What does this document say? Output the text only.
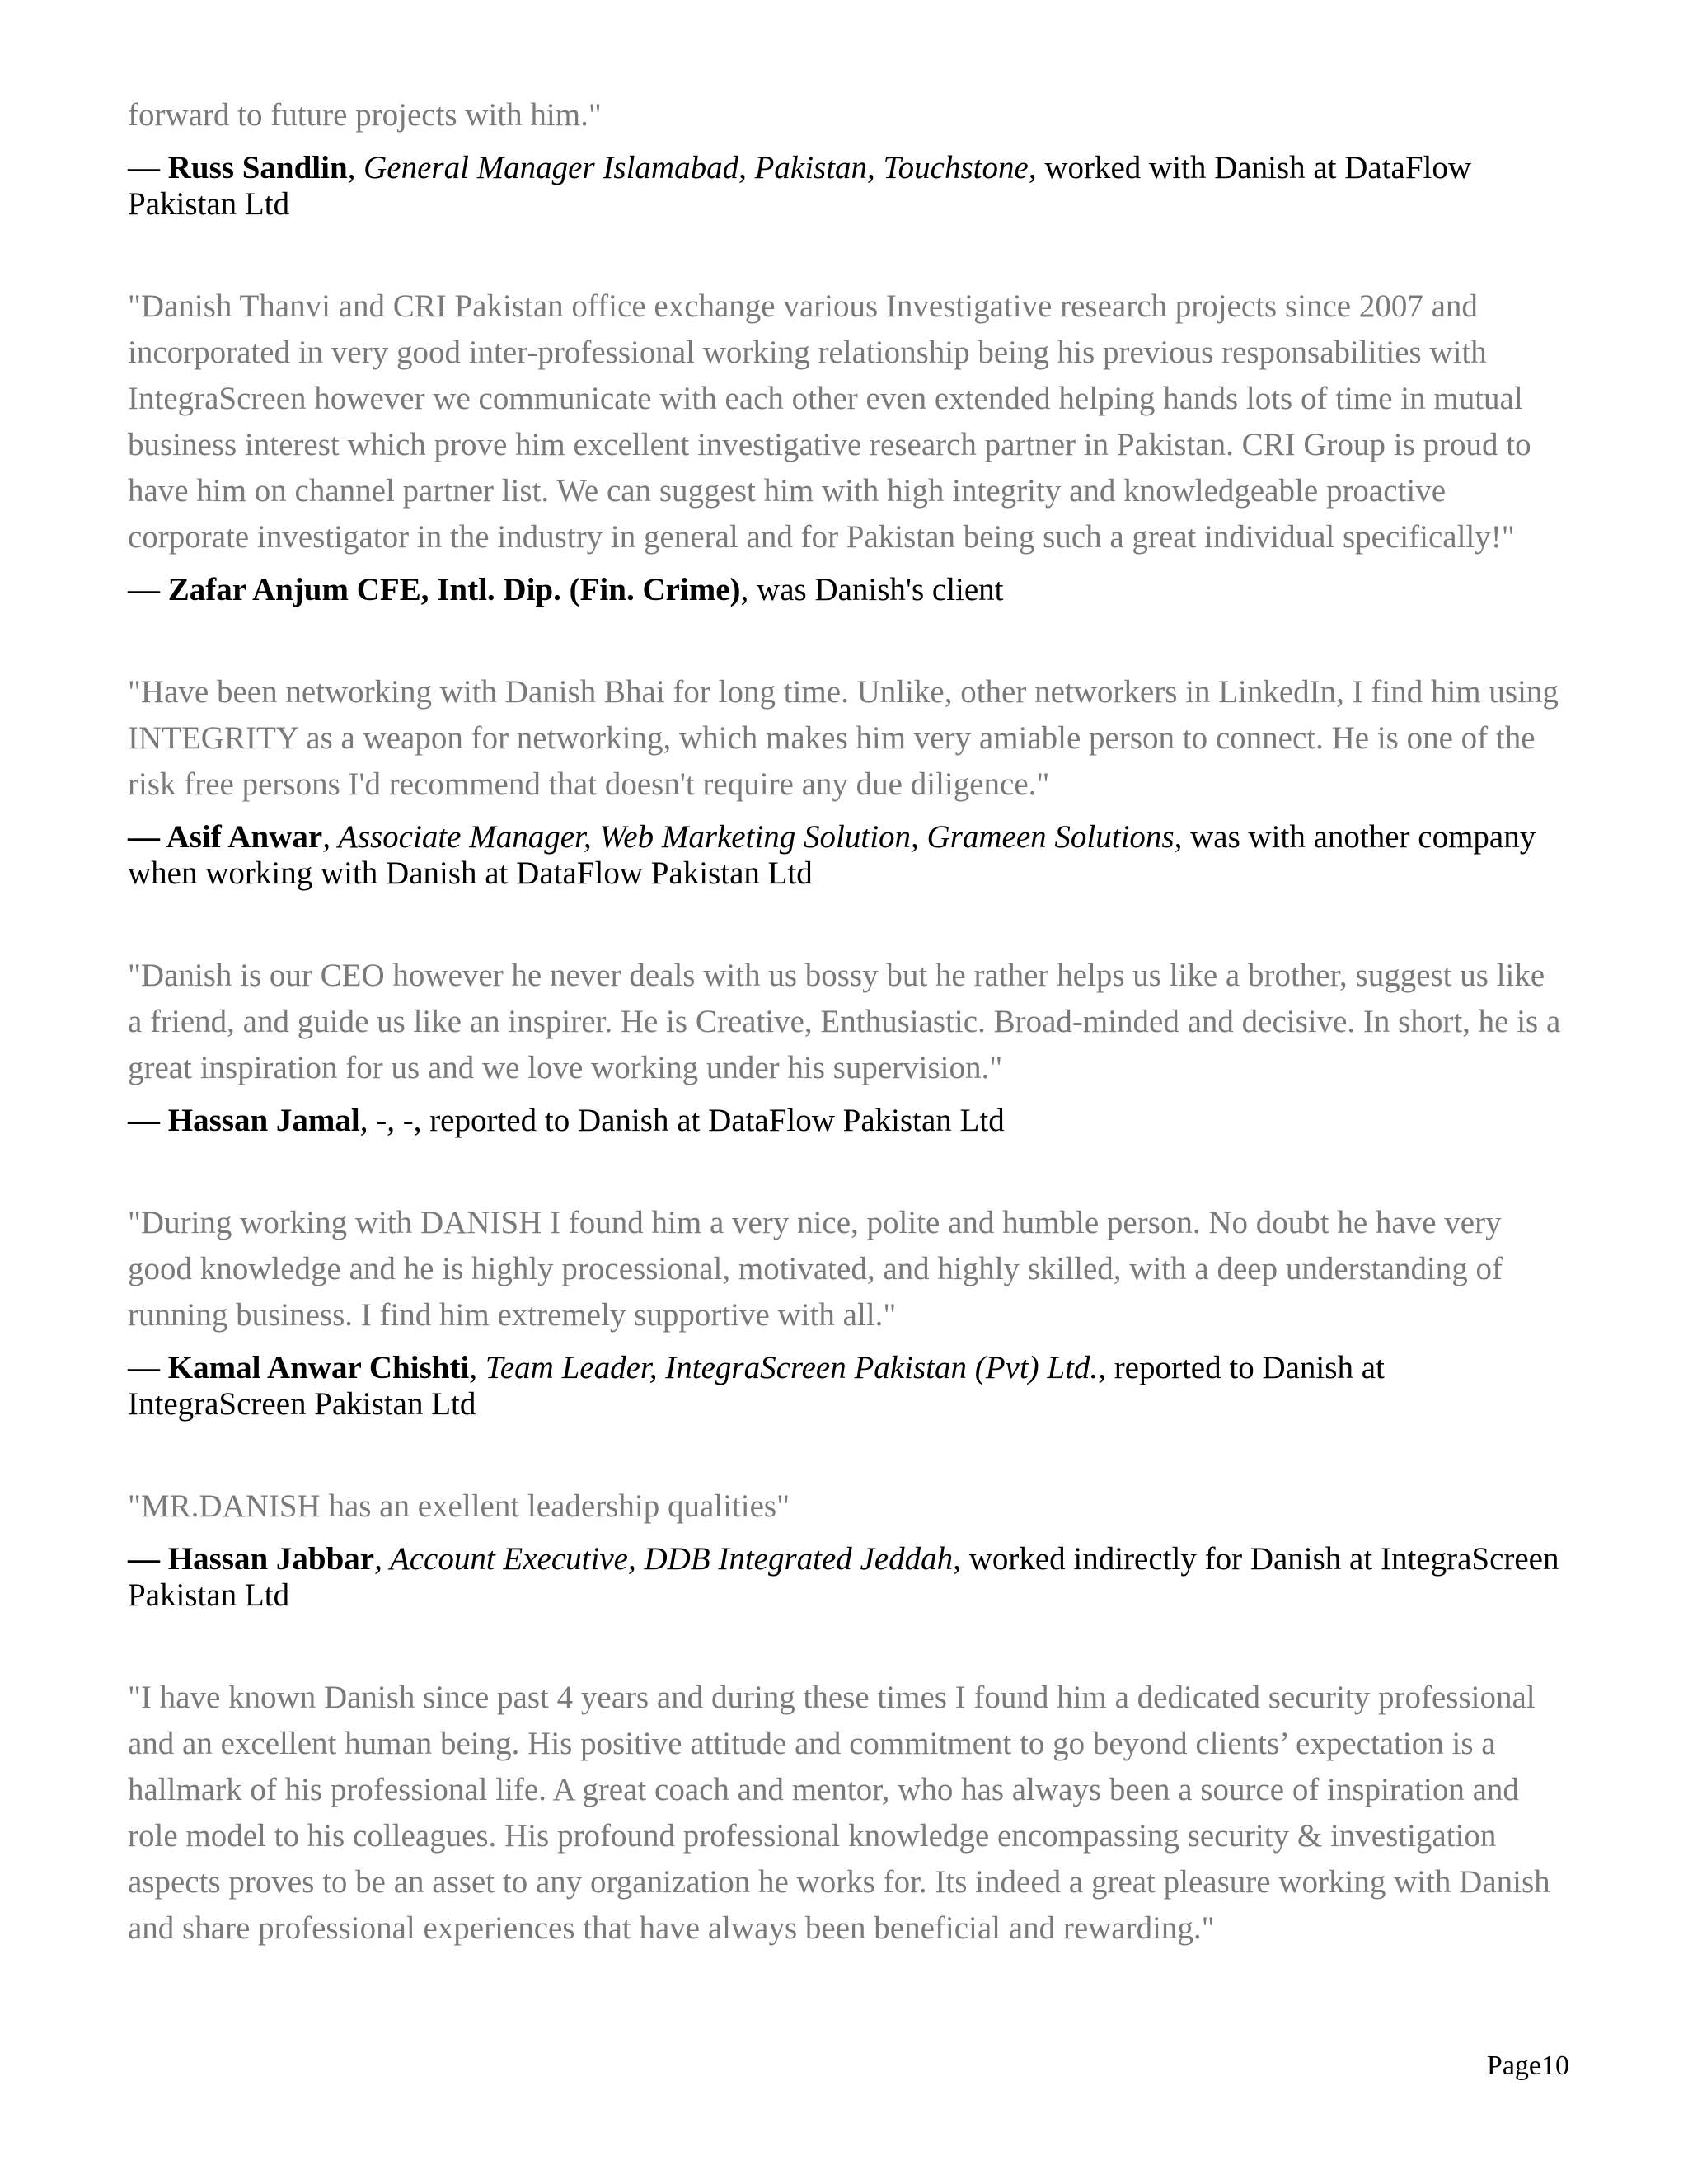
forward to future projects with him."

— Russ Sandlin, General Manager Islamabad, Pakistan, Touchstone, worked with Danish at DataFlow Pakistan Ltd

"Danish Thanvi and CRI Pakistan office exchange various Investigative research projects since 2007 and incorporated in very good inter-professional working relationship being his previous responsabilities with IntegraScreen however we communicate with each other even extended helping hands lots of time in mutual business interest which prove him excellent investigative research partner in Pakistan. CRI Group is proud to have him on channel partner list. We can suggest him with high integrity and knowledgeable proactive corporate investigator in the industry in general and for Pakistan being such a great individual specifically!"

— Zafar Anjum CFE, Intl. Dip. (Fin. Crime), was Danish's client

"Have been networking with Danish Bhai for long time. Unlike, other networkers in LinkedIn, I find him using INTEGRITY as a weapon for networking, which makes him very amiable person to connect. He is one of the risk free persons I'd recommend that doesn't require any due diligence."

— Asif Anwar, Associate Manager, Web Marketing Solution, Grameen Solutions, was with another company when working with Danish at DataFlow Pakistan Ltd

"Danish is our CEO however he never deals with us bossy but he rather helps us like a brother, suggest us like a friend, and guide us like an inspirer. He is Creative, Enthusiastic. Broad-minded and decisive. In short, he is a great inspiration for us and we love working under his supervision."

— Hassan Jamal, -, -, reported to Danish at DataFlow Pakistan Ltd

"During working with DANISH I found him a very nice, polite and humble person. No doubt he have very good knowledge and he is highly processional, motivated, and highly skilled, with a deep understanding of running business. I find him extremely supportive with all."

— Kamal Anwar Chishti, Team Leader, IntegraScreen Pakistan (Pvt) Ltd., reported to Danish at IntegraScreen Pakistan Ltd

"MR.DANISH has an exellent leadership qualities"

— Hassan Jabbar, Account Executive, DDB Integrated Jeddah, worked indirectly for Danish at IntegraScreen Pakistan Ltd

"I have known Danish since past 4 years and during these times I found him a dedicated security professional and an excellent human being. His positive attitude and commitment to go beyond clients’ expectation is a hallmark of his professional life. A great coach and mentor, who has always been a source of inspiration and role model to his colleagues. His profound professional knowledge encompassing security & investigation aspects proves to be an asset to any organization he works for. Its indeed a great pleasure working with Danish and share professional experiences that have always been beneficial and rewarding."

Page10
